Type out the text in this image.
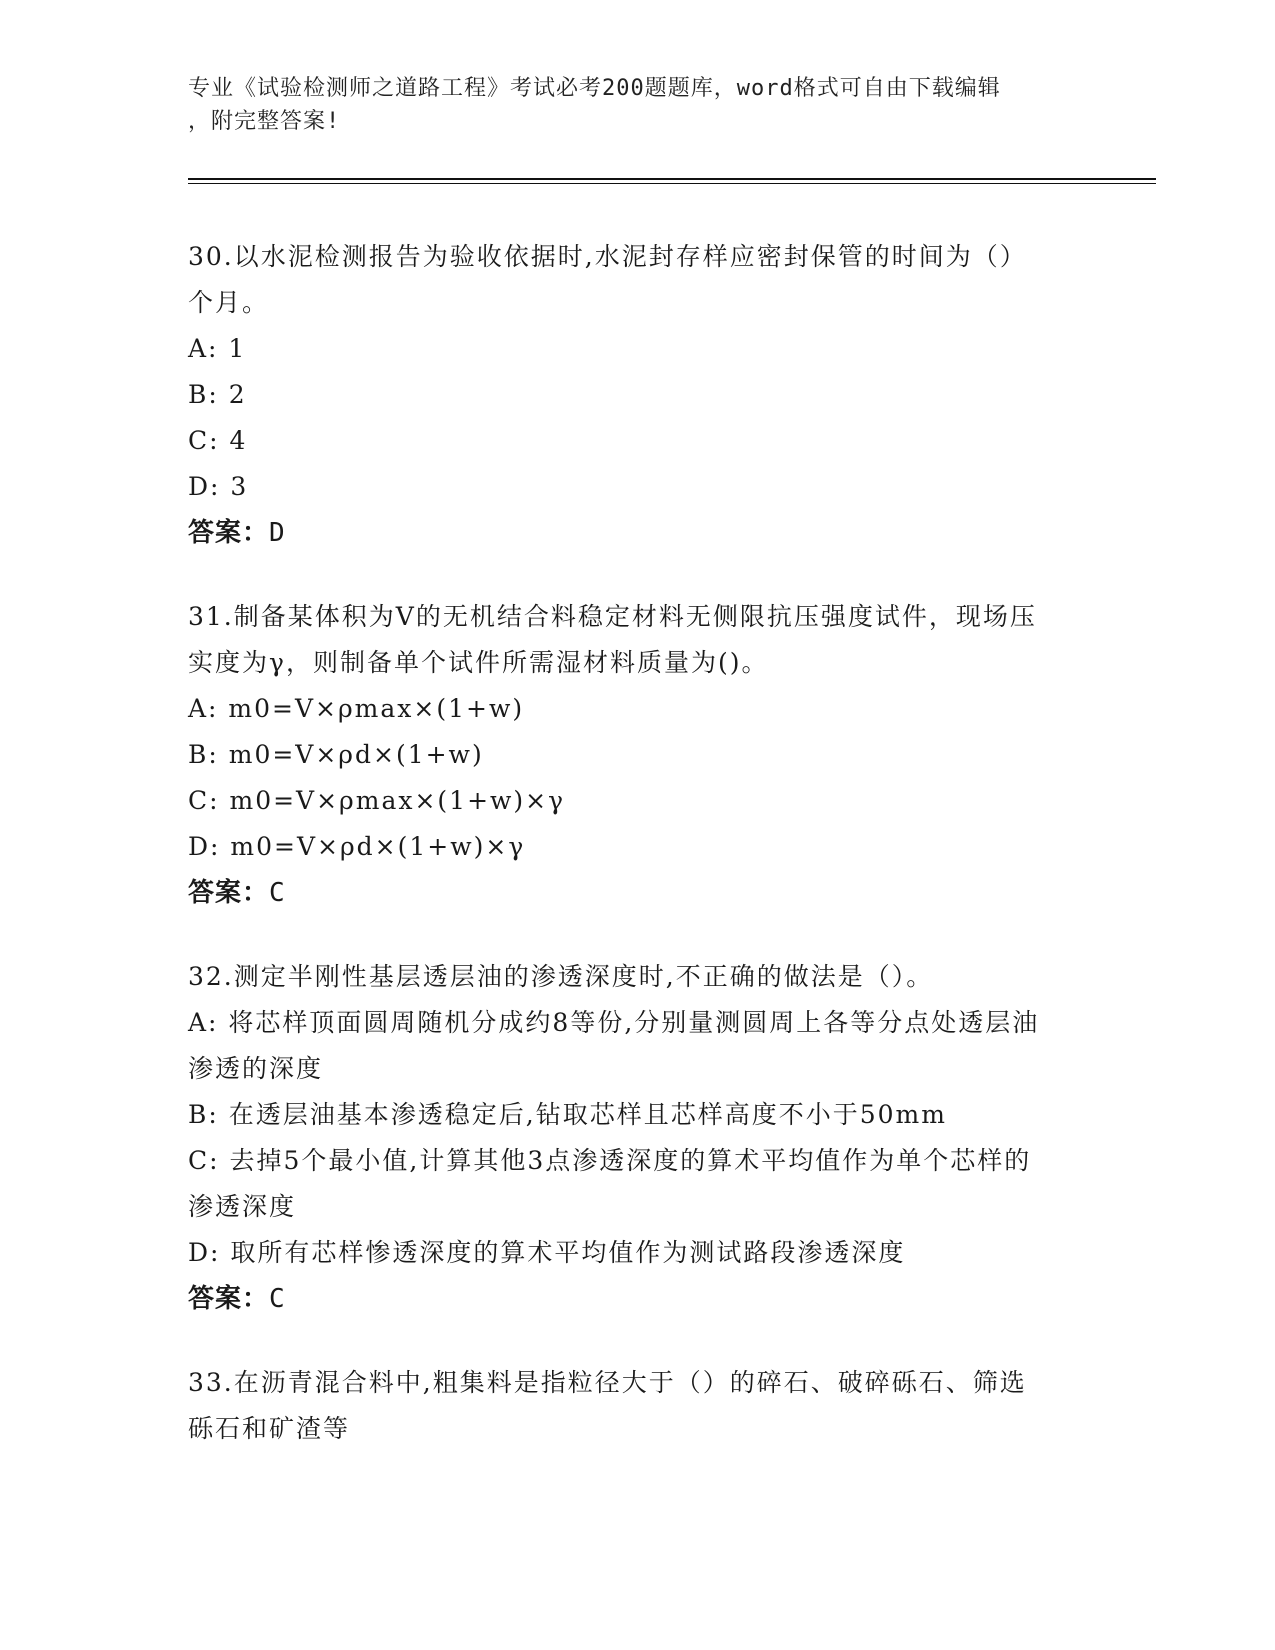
专业《试验检测师之道路工程》考试必考200题题库，word格式可自由下载编辑
，附完整答案!

30.以水泥检测报告为验收依据时,水泥封存样应密封保管的时间为（）个月。

A: 1

B: 2

C: 4

D: 3

答案：D

31.制备某体积为V的无机结合料稳定材料无侧限抗压强度试件，现场压实度为γ，则制备单个试件所需湿材料质量为()。

A: m0=V×ρmax×(1+w)

B: m0=V×ρd×(1+w)

C: m0=V×ρmax×(1+w)×γ

D: m0=V×ρd×(1+w)×γ

答案：C

32.测定半刚性基层透层油的渗透深度时,不正确的做法是（）。

A: 将芯样顶面圆周随机分成约8等份,分别量测圆周上各等分点处透层油渗透的深度

B: 在透层油基本渗透稳定后,钻取芯样且芯样高度不小于50mm

C: 去掉5个最小值,计算其他3点渗透深度的算术平均值作为单个芯样的渗透深度

D: 取所有芯样惨透深度的算术平均值作为测试路段渗透深度

答案：C

33.在沥青混合料中,粗集料是指粒径大于（）的碎石、破碎砾石、筛选砾石和矿渣等
